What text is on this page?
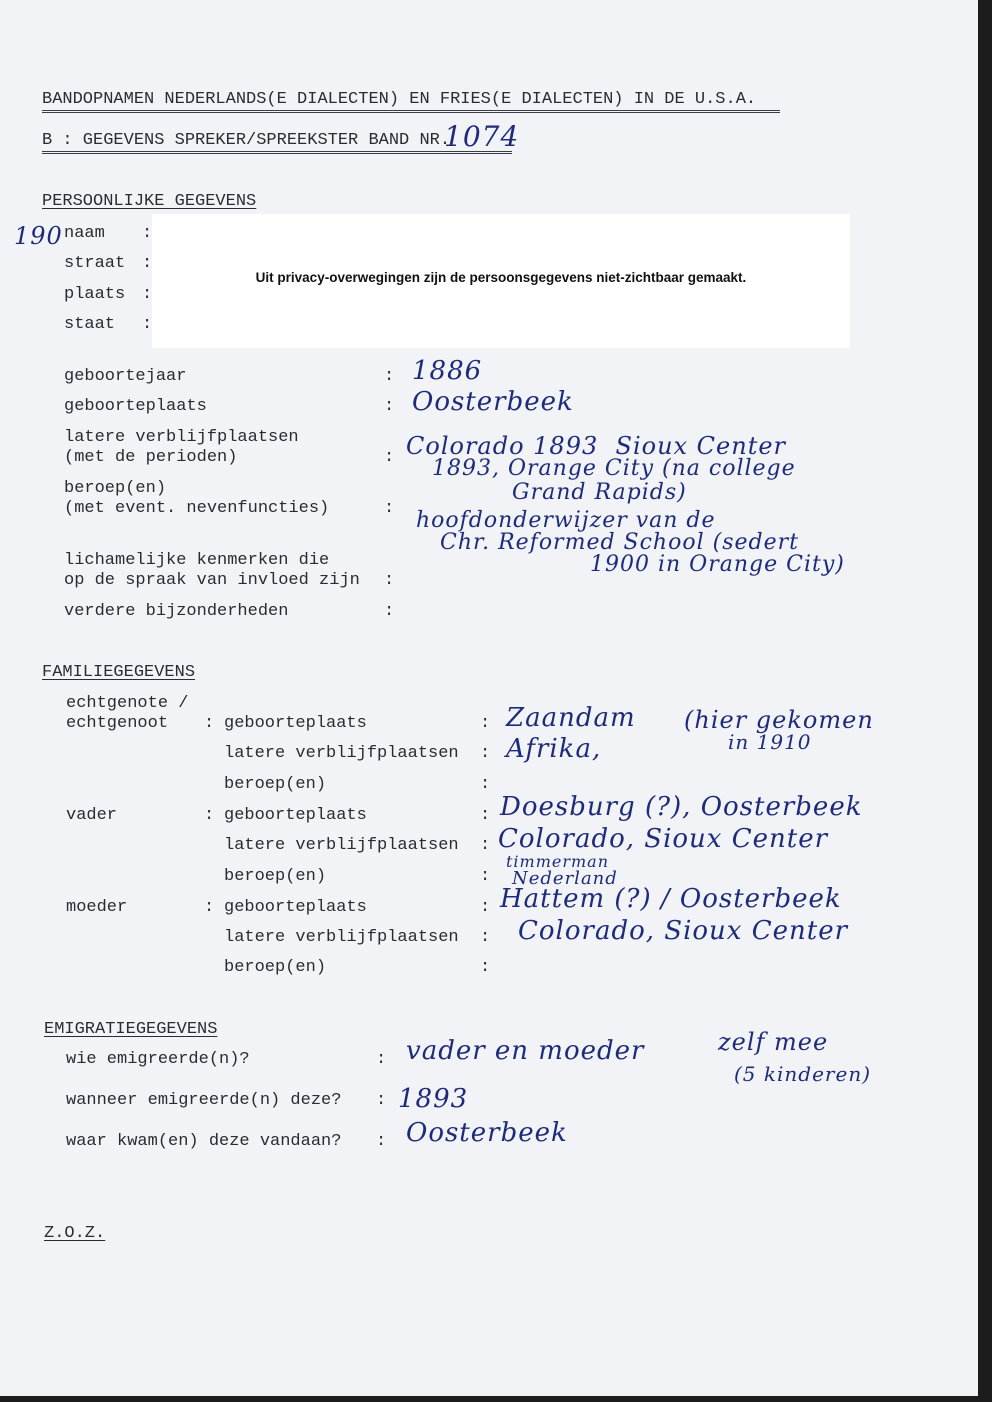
BANDOPNAMEN NEDERLANDS(E DIALECTEN) EN FRIES(E DIALECTEN) IN DE U.S.A.
B : GEGEVENS SPREKER/SPREEKSTER BAND NR.
1074
PERSOONLIJKE GEGEVENS
190 naam :
straat :
plaats :
staat :
Uit privacy-overwegingen zijn de persoonsgegevens niet-zichtbaar gemaakt.
geboortejaar	: 1886
geboorteplaats	: Oosterbeek
latere verblijfplaatsen
(met de perioden)	: Colorado 1893  Sioux Center
1893, Orange City (na college
Grand Rapids)
beroep(en)
(met event. nevenfuncties)	: hoofdonderwijzer van de
Chr. Reformed School (sedert
1900 in Orange City)
lichamelijke kenmerken die
op de spraak van invloed zijn :
verdere bijzonderheden	:
FAMILIEGEGEVENS
echtgenote /
echtgenoot : geboorteplaats	: Zaandam (hier gekomen
in 1910
latere verblijfplaatsen : Afrika,
beroep(en)	:
vader	: geboorteplaats	: Doesburg (?), Oosterbeek
latere verblijfplaatsen : Colorado, Sioux Center
beroep(en)	:
timmerman
Nederland
moeder	: geboorteplaats	: Hattem (?) / Oosterbeek
latere verblijfplaatsen : Colorado, Sioux Center
beroep(en)	:
EMIGRATIEGEGEVENS
wie emigreerde(n)?	: vader en moeder	zelf mee
(5 kinderen)
wanneer emigreerde(n) deze? : 1893
waar kwam(en) deze vandaan? : Oosterbeek
Z.O.Z.
